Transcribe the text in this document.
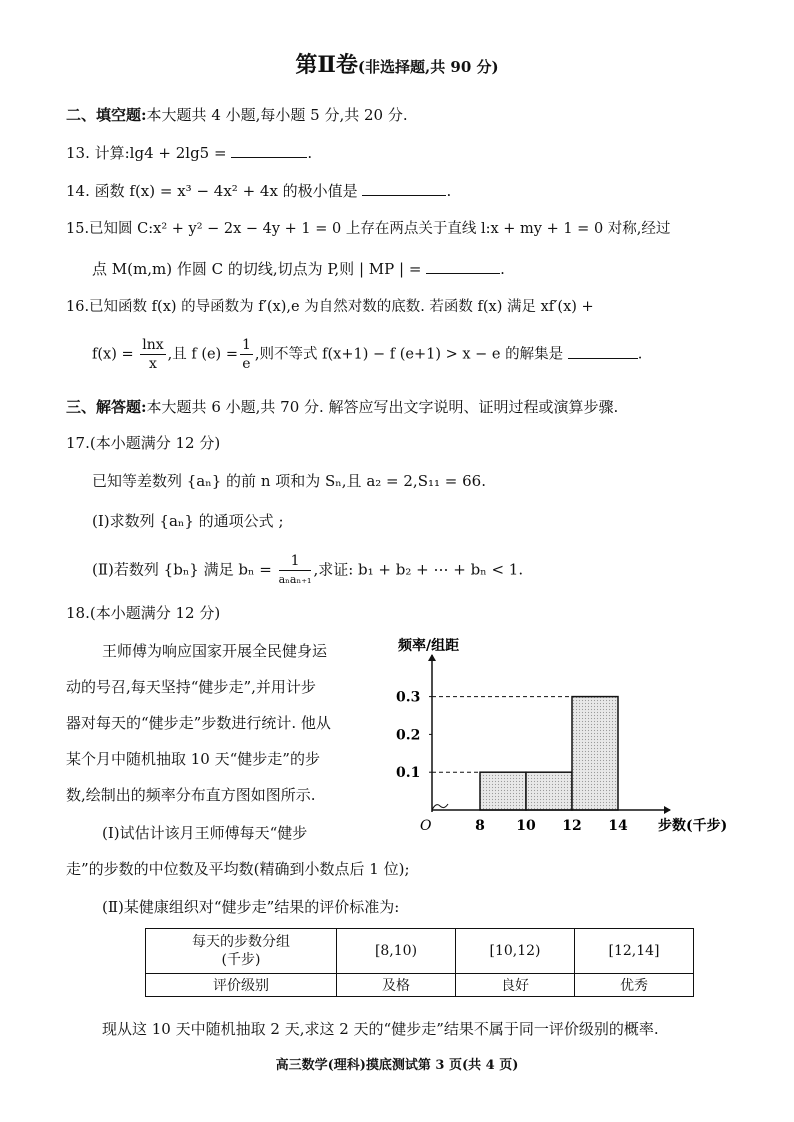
第Ⅱ卷(非选择题,共 90 分)
二、填空题:本大题共 4 小题,每小题 5 分,共 20 分.
13. 计算:lg4 + 2lg5 =	.
14. 函数 f(x) = x³ − 4x² + 4x 的极小值是	.
15.已知圆 C:x² + y² − 2x − 4y + 1 = 0 上存在两点关于直线 l:x + my + 1 = 0 对称,经过
点 M(m,m) 作圆 C 的切线,切点为 P,则 | MP | =	.
16.已知函数 f(x) 的导函数为 f′(x),e 为自然对数的底数. 若函数 f(x) 满足 xf′(x) +
$f(x) = \frac{\ln x}{x}$ ,且 f $(e) = \frac{1}{e}$ ,则不等式 f(x+1) − f (e+1) > x − e 的解集是	.
三、解答题:本大题共 6 小题,共 70 分. 解答应写出文字说明、证明过程或演算步骤.
17.(本小题满分 12 分)
已知等差数列 {aₙ} 的前 n 项和为 Sₙ,且 a₂ = 2,S₁₁ = 66.
(Ⅰ)求数列 {aₙ} 的通项公式 ;
(Ⅱ)若数列 {bₙ} 满足 $b_n = \frac{1}{\text{aₙaₙ₊₁}}$ ,求证: b₁ + b₂ + ⋯ + bₙ < 1.
18.(本小题满分 12 分)
王师傅为响应国家开展全民健身运
动的号召,每天坚持“健步走”,并用计步
器对每天的“健步走”步数进行统计. 他从
某个月中随机抽取 10 天“健步走”的步
数,绘制出的频率分布直方图如图所示.
(Ⅰ)试估计该月王师傅每天“健步
走”的步数的中位数及平均数(精确到小数点后 1 位);
(Ⅱ)某健康组织对“健步走”结果的评价标准为:
频率/组距
0.1
0.2
0.3
8 10 12 14 步数(千步)
O
每天的步数分组
(千步)	[8,10)	[10,12)	[12,14]
评价级别	及格	良好	优秀
现从这 10 天中随机抽取 2 天,求这 2 天的“健步走”结果不属于同一评价级别的概率.
高三数学(理科)摸底测试第 3 页(共 4 页)
